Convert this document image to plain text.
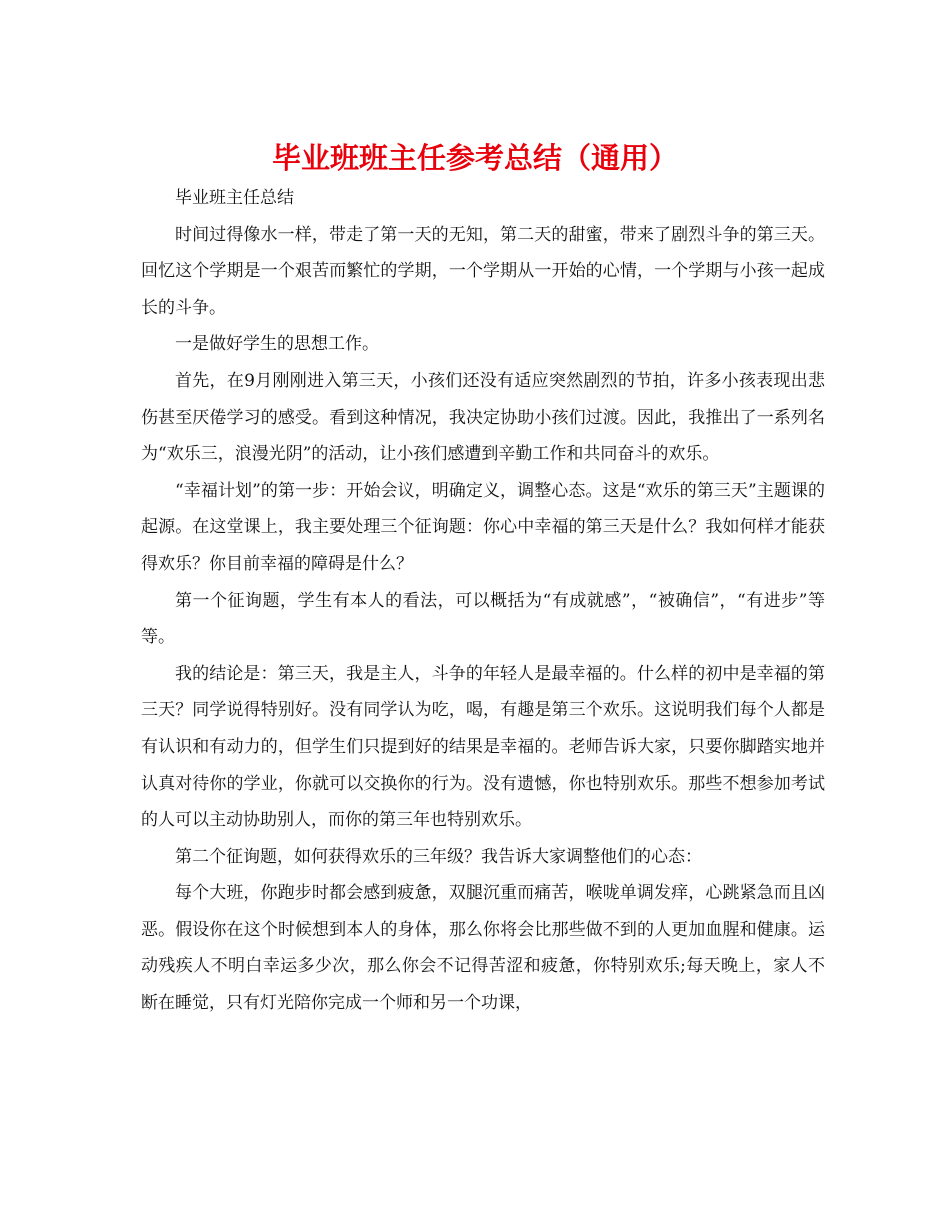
毕业班班主任参考总结（通用）

毕业班主任总结

时间过得像水一样，带走了第一天的无知，第二天的甜蜜，带来了剧烈斗争的第三天。回忆这个学期是一个艰苦而繁忙的学期，一个学期从一开始的心情，一个学期与小孩一起成长的斗争。

一是做好学生的思想工作。

首先，在9月刚刚进入第三天，小孩们还没有适应突然剧烈的节拍，许多小孩表现出悲伤甚至厌倦学习的感受。看到这种情况，我决定协助小孩们过渡。因此，我推出了一系列名为“欢乐三，浪漫光阴”的活动，让小孩们感遭到辛勤工作和共同奋斗的欢乐。

“幸福计划”的第一步：开始会议，明确定义，调整心态。这是“欢乐的第三天”主题课的起源。在这堂课上，我主要处理三个征询题：你心中幸福的第三天是什么？我如何样才能获得欢乐？你目前幸福的障碍是什么？

第一个征询题，学生有本人的看法，可以概括为“有成就感”，“被确信”，“有进步”等等。

我的结论是：第三天，我是主人，斗争的年轻人是最幸福的。什么样的初中是幸福的第三天？同学说得特别好。没有同学认为吃，喝，有趣是第三个欢乐。这说明我们每个人都是有认识和有动力的，但学生们只提到好的结果是幸福的。老师告诉大家，只要你脚踏实地并认真对待你的学业，你就可以交换你的行为。没有遗憾，你也特别欢乐。那些不想参加考试的人可以主动协助别人，而你的第三年也特别欢乐。

第二个征询题，如何获得欢乐的三年级？我告诉大家调整他们的心态：

每个大班，你跑步时都会感到疲惫，双腿沉重而痛苦，喉咙单调发痒，心跳紧急而且凶恶。假设你在这个时候想到本人的身体，那么你将会比那些做不到的人更加血腥和健康。运动残疾人不明白幸运多少次，那么你会不记得苦涩和疲惫，你特别欢乐;每天晚上，家人不断在睡觉，只有灯光陪你完成一个师和另一个功课，
